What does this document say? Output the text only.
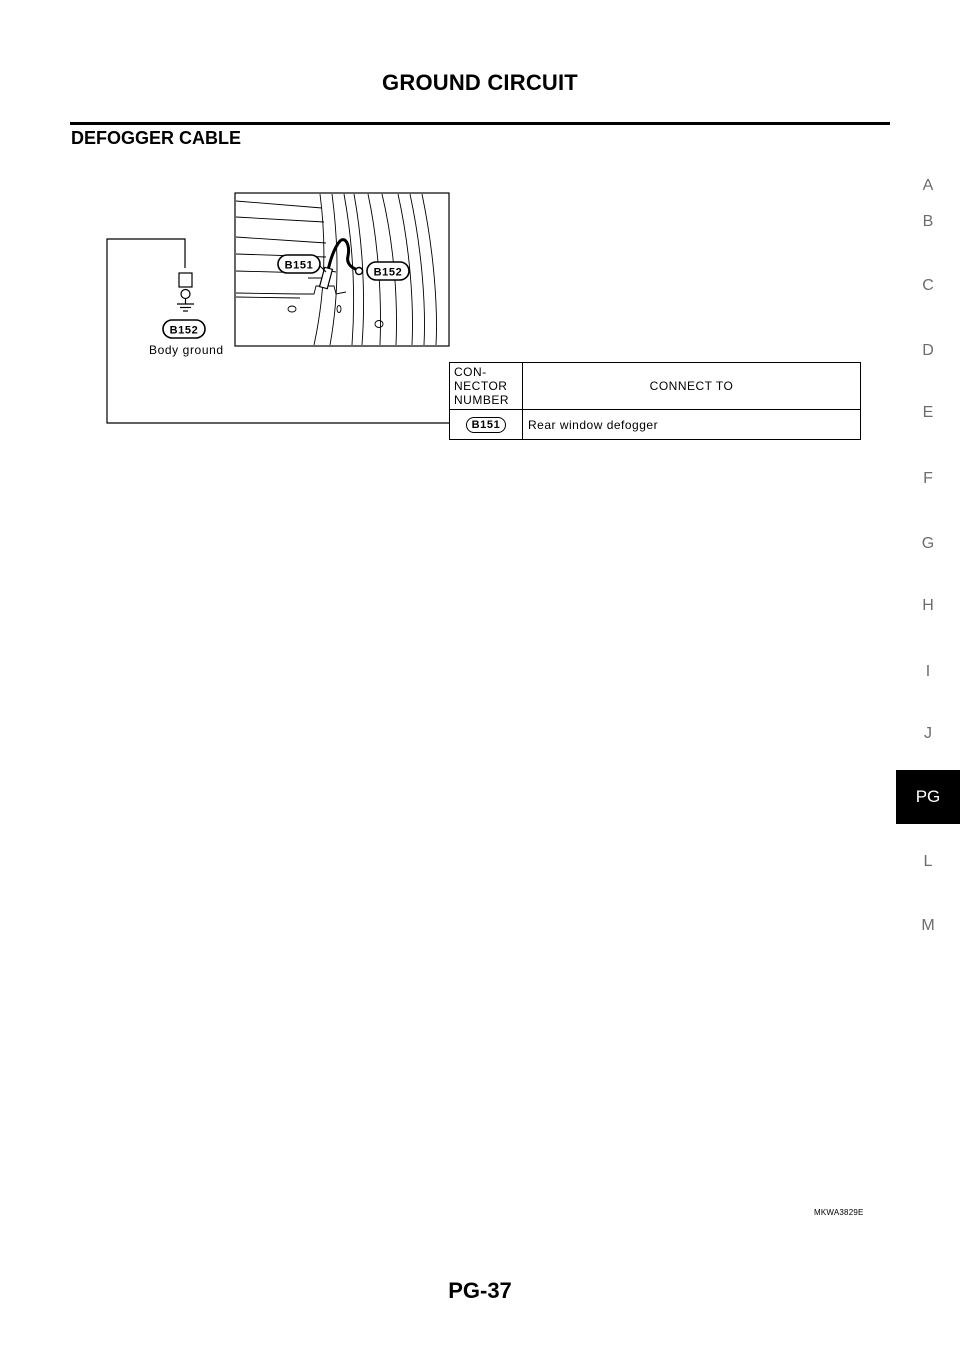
GROUND CIRCUIT
DEFOGGER CABLE
A
B
C
D
E
F
G
H
I
J
PG
L
M
B152
Body ground
B151
B152
CON-
NECTOR
NUMBER	CONNECT TO
B151	Rear window defogger
MKWA3829E
PG-37
